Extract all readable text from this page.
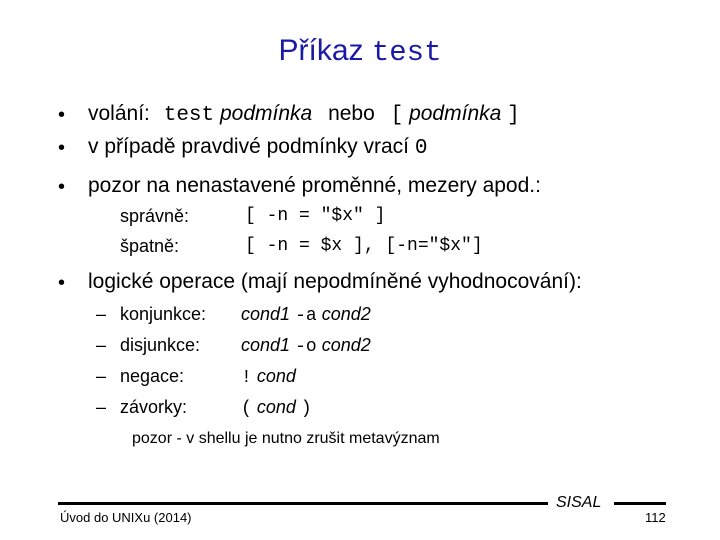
Příkaz test
• volání: test podmínka nebo [ podmínka ]
• v případě pravdivé podmínky vrací 0
• pozor na nenastavené proměnné, mezery apod.:
správně:	[ -n = "$x" ]
špatně:	[ -n = $x ], [-n="$x"]
• logické operace (mají nepodmíněné vyhodnocování):
– konjunkce: cond1 -a cond2
– disjunkce: cond1 -o cond2
– negace:	! cond
– závorky:	( cond )
pozor - v shellu je nutno zrušit metavýznam
Úvod do UNIXu (2014)
SISAL
112
